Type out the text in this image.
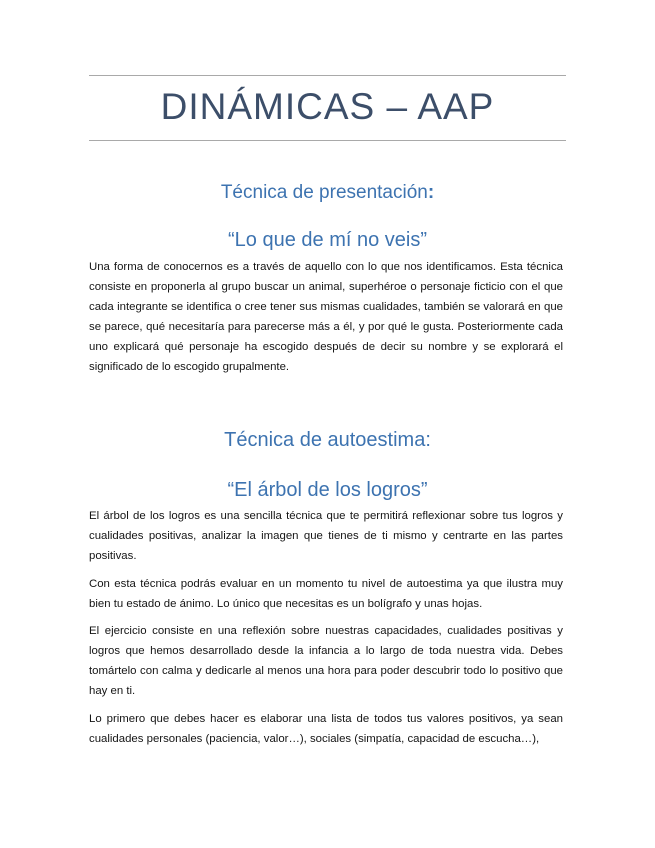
DINÁMICAS – AAP
Técnica de presentación:
“Lo que de mí no veis”

Una forma de conocernos es a través de aquello con lo que nos identificamos. Esta técnica consiste en proponerla al grupo buscar un animal, superhéroe o personaje ficticio con el que cada integrante se identifica o cree tener sus mismas cualidades, también se valorará en que se parece, qué necesitaría para parecerse más a él, y por qué le gusta. Posteriormente cada uno explicará qué personaje ha escogido después de decir su nombre y se explorará el significado de lo escogido grupalmente.

Técnica de autoestima:
“El árbol de los logros”

El árbol de los logros es una sencilla técnica que te permitirá reflexionar sobre tus logros y cualidades positivas, analizar la imagen que tienes de ti mismo y centrarte en las partes positivas.

Con esta técnica podrás evaluar en un momento tu nivel de autoestima ya que ilustra muy bien tu estado de ánimo. Lo único que necesitas es un bolígrafo y unas hojas.

El ejercicio consiste en una reflexión sobre nuestras capacidades, cualidades positivas y logros que hemos desarrollado desde la infancia a lo largo de toda nuestra vida. Debes tomártelo con calma y dedicarle al menos una hora para poder descubrir todo lo positivo que hay en ti.

Lo primero que debes hacer es elaborar una lista de todos tus valores positivos, ya sean cualidades personales (paciencia, valor…), sociales (simpatía, capacidad de escucha…),
